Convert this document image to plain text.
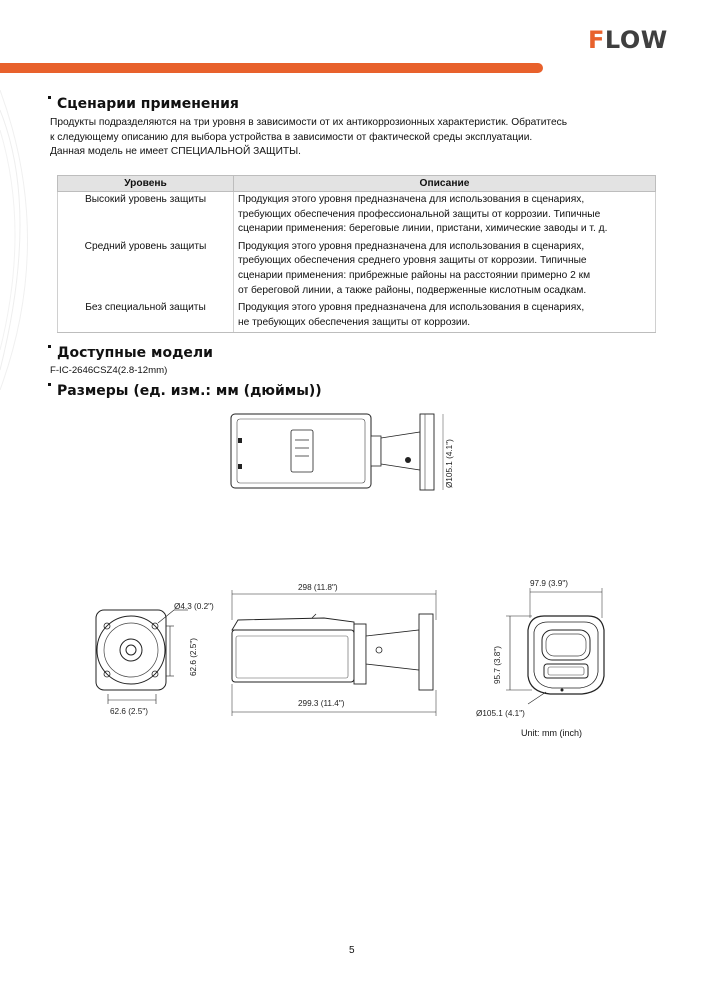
FLOW
Сценарии применения
Продукты подразделяются на три уровня в зависимости от их антикоррозионных характеристик. Обратитесь
к следующему описанию для выбора устройства в зависимости от фактической среды эксплуатации.
Данная модель не имеет СПЕЦИАЛЬНОЙ ЗАЩИТЫ.
Уровень	Описание
Высокий уровень защиты	Продукция этого уровня предназначена для использования в сценариях,
требующих обеспечения профессиональной защиты от коррозии. Типичные
сценарии применения: береговые линии, пристани, химические заводы и т. д.

Средний уровень защиты	Продукция этого уровня предназначена для использования в сценариях,
требующих обеспечения среднего уровня защиты от коррозии. Типичные
сценарии применения: прибрежные районы на расстоянии примерно 2 км
от береговой линии, а также районы, подверженные кислотным осадкам.

Без специальной защиты	Продукция этого уровня предназначена для использования в сценариях,
не требующих обеспечения защиты от коррозии.
Доступные модели
F-IC-2646CSZ4(2.8-12mm)
Размеры (ед. изм.: мм (дюймы))
Ø105.1 (4.1")
Ø4.3 (0.2")
62.6 (2.5")
62.6 (2.5")
298 (11.8")
299.3 (11.4")
97.9 (3.9")
95.7 (3.8")
Ø105.1 (4.1")
Unit: mm (inch)
5
